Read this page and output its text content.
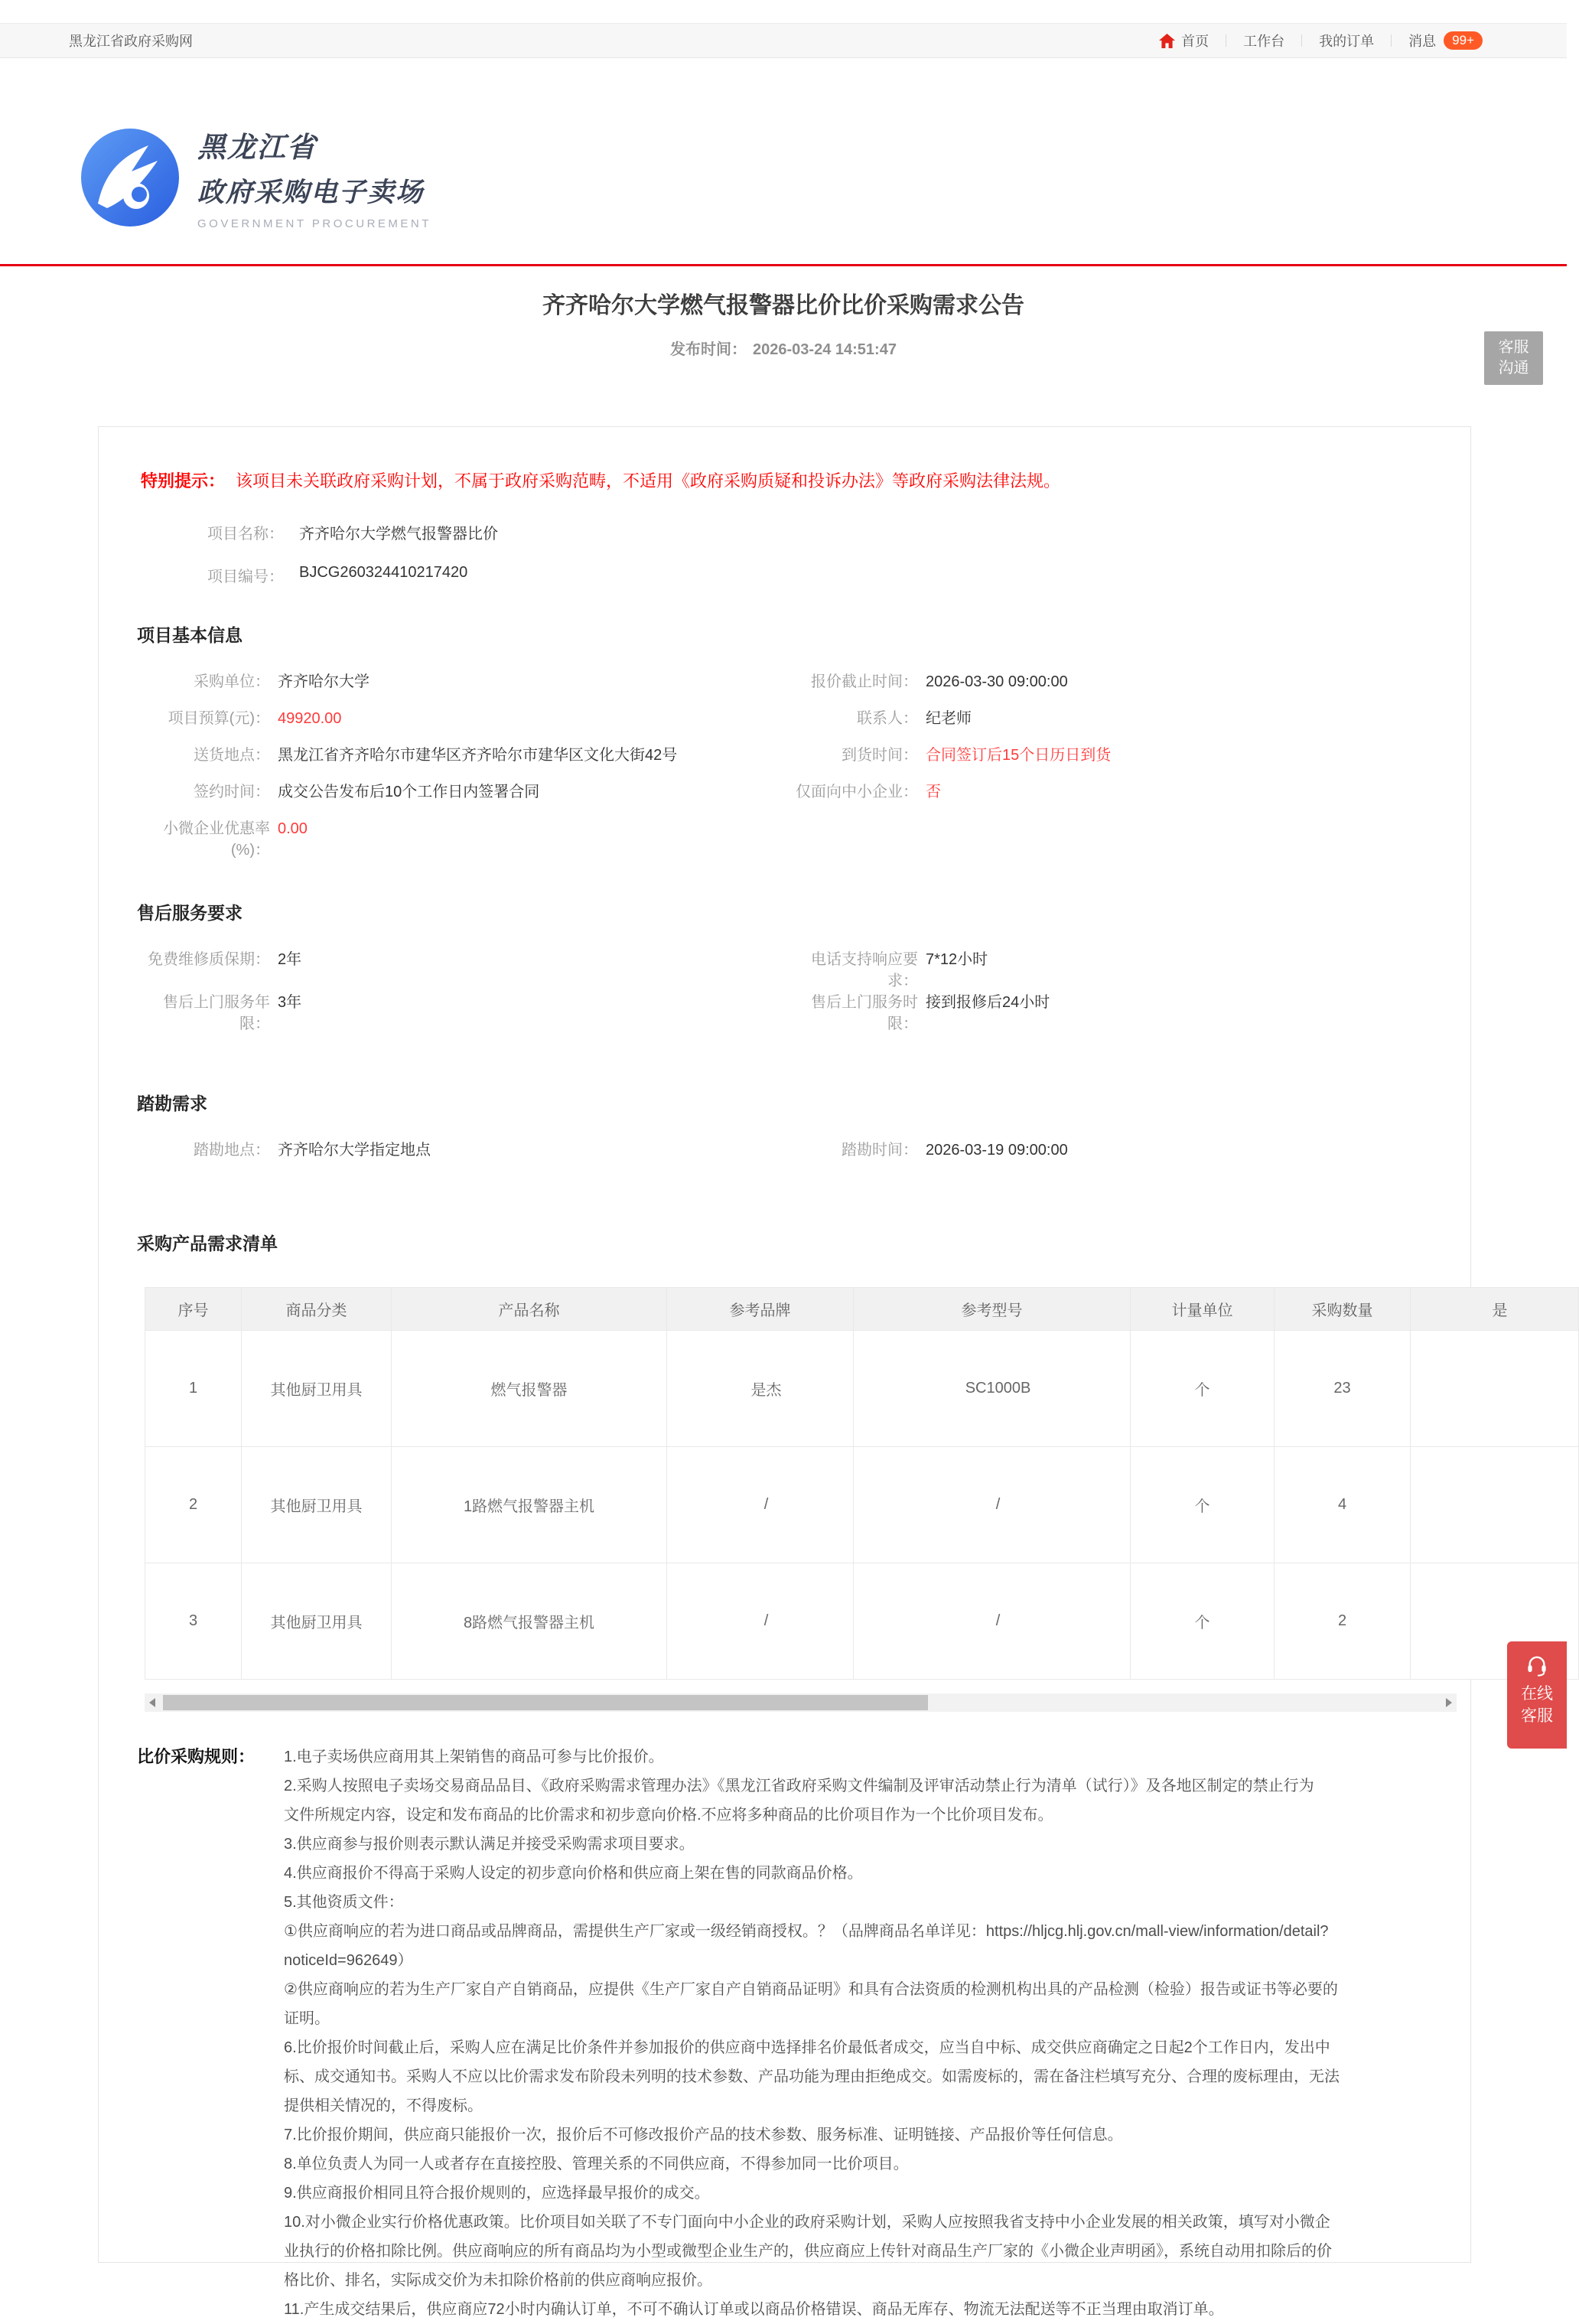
黑龙江省政府采购网	首页	工作台	我的订单	消息	99+
黑龙江省
政府采购电子卖场
GOVERNMENT PROCUREMENT
齐齐哈尔大学燃气报警器比价比价采购需求公告
发布时间： 2026-03-24 14:51:47	客服
沟通
在线
客服
特别提示： 该项目未关联政府采购计划，不属于政府采购范畴，不适用《政府采购质疑和投诉办法》等政府采购法律法规。
项目名称： 齐齐哈尔大学燃气报警器比价
项目编号： BJCG260324410217420
项目基本信息
采购单位： 齐齐哈尔大学	报价截止时间： 2026-03-30 09:00:00
项目预算(元)： 49920.00	联系人： 纪老师
送货地点： 黑龙江省齐齐哈尔市建华区齐齐哈尔市建华区文化大街42号	到货时间： 合同签订后15个日历日到货
签约时间： 成交公告发布后10个工作日内签署合同	仅面向中小企业： 否
小微企业优惠率(%)：
0.00
售后服务要求
免费维修质保期： 2年	电话支持响应要求：
7*12小时
售后上门服务年限：
3年	售后上门服务时限：
接到报修后24小时
踏勘需求
踏勘地点： 齐齐哈尔大学指定地点	踏勘时间： 2026-03-19 09:00:00
采购产品需求清单
序号	商品分类	产品名称	参考品牌	参考型号	计量单位	采购数量	是
1	其他厨卫用具	燃气报警器	是杰	SC1000B	个	23	
2	其他厨卫用具	1路燃气报警器主机	/	/	个	4	
3	其他厨卫用具	8路燃气报警器主机	/	/	个	2	
比价采购规则：	1.电子卖场供应商用其上架销售的商品可参与比价报价。
2.采购人按照电子卖场交易商品品目、《政府采购需求管理办法》《黑龙江省政府采购文件编制及评审活动禁止行为清单（试行）》及各地区制定的禁止行为
文件所规定内容，设定和发布商品的比价需求和初步意向价格.不应将多种商品的比价项目作为一个比价项目发布。
3.供应商参与报价则表示默认满足并接受采购需求项目要求。
4.供应商报价不得高于采购人设定的初步意向价格和供应商上架在售的同款商品价格。
5.其他资质文件：
①供应商响应的若为进口商品或品牌商品，需提供生产厂家或一级经销商授权。？（品牌商品名单详见：https://hljcg.hlj.gov.cn/mall-view/information/detail?
noticeId=962649）
②供应商响应的若为生产厂家自产自销商品，应提供《生产厂家自产自销商品证明》和具有合法资质的检测机构出具的产品检测（检验）报告或证书等必要的
证明。
6.比价报价时间截止后，采购人应在满足比价条件并参加报价的供应商中选择排名价最低者成交，应当自中标、成交供应商确定之日起2个工作日内，发出中
标、成交通知书。采购人不应以比价需求发布阶段未列明的技术参数、产品功能为理由拒绝成交。如需废标的，需在备注栏填写充分、合理的废标理由，无法
提供相关情况的，不得废标。
7.比价报价期间，供应商只能报价一次，报价后不可修改报价产品的技术参数、服务标准、证明链接、产品报价等任何信息。
8.单位负责人为同一人或者存在直接控股、管理关系的不同供应商，不得参加同一比价项目。
9.供应商报价相同且符合报价规则的，应选择最早报价的成交。
10.对小微企业实行价格优惠政策。比价项目如关联了不专门面向中小企业的政府采购计划，采购人应按照我省支持中小企业发展的相关政策，填写对小微企
业执行的价格扣除比例。供应商响应的所有商品均为小型或微型企业生产的，供应商应上传针对商品生产厂家的《小微企业声明函》，系统自动用扣除后的价
格比价、排名，实际成交价为未扣除价格前的供应商响应报价。
11.产生成交结果后，供应商应72小时内确认订单，不可不确认订单或以商品价格错误、商品无库存、物流无法配送等不正当理由取消订单。
